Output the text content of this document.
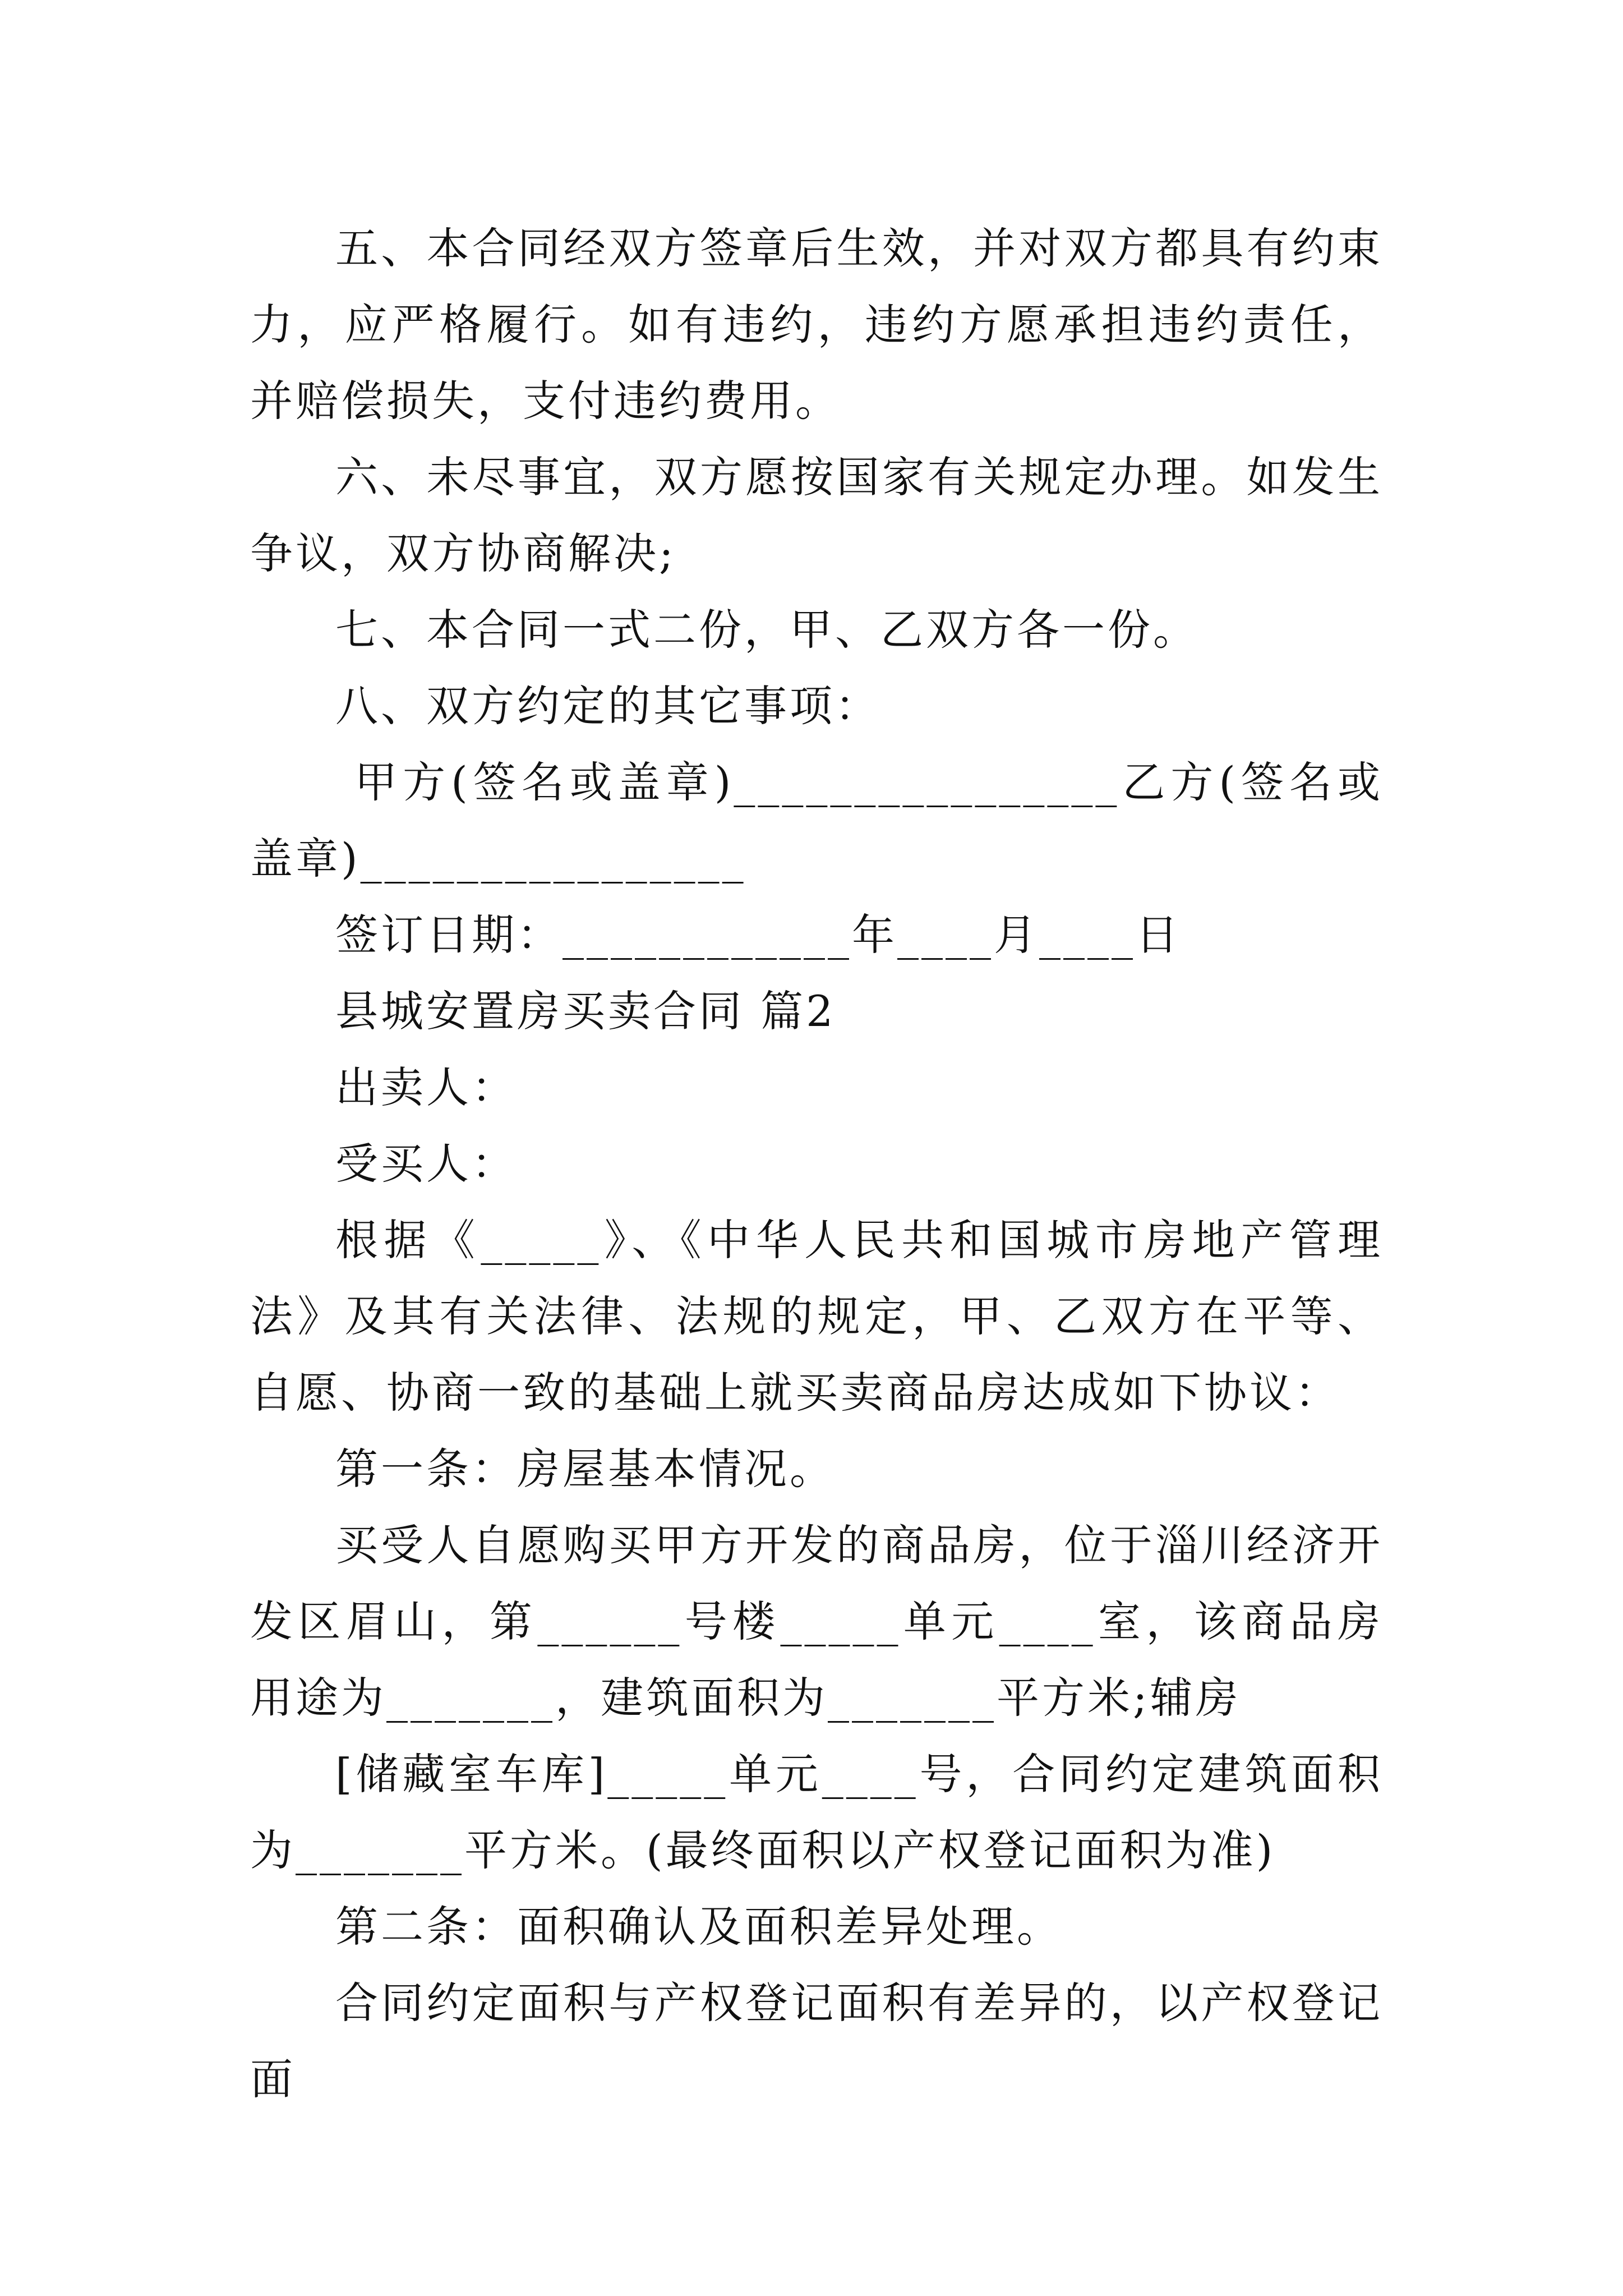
五、本合同经双方签章后生效，并对双方都具有约束力，应严格履行。如有违约，违约方愿承担违约责任，并赔偿损失，支付违约费用。

六、未尽事宜，双方愿按国家有关规定办理。如发生争议，双方协商解决;

七、本合同一式二份，甲、乙双方各一份。

八、双方约定的其它事项：

甲方(签名或盖章)________________乙方(签名或盖章)________________

签订日期：____________年____月____日

县城安置房买卖合同 篇2

出卖人：

受买人：

根据《_____》、《中华人民共和国城市房地产管理法》及其有关法律、法规的规定，甲、乙双方在平等、自愿、协商一致的基础上就买卖商品房达成如下协议：

第一条：房屋基本情况。

买受人自愿购买甲方开发的商品房，位于淄川经济开发区眉山，第______号楼_____单元____室，该商品房用途为_______，建筑面积为_______平方米;辅房

[储藏室车库]_____单元____号，合同约定建筑面积为_______平方米。(最终面积以产权登记面积为准)

第二条：面积确认及面积差异处理。

合同约定面积与产权登记面积有差异的，以产权登记面
